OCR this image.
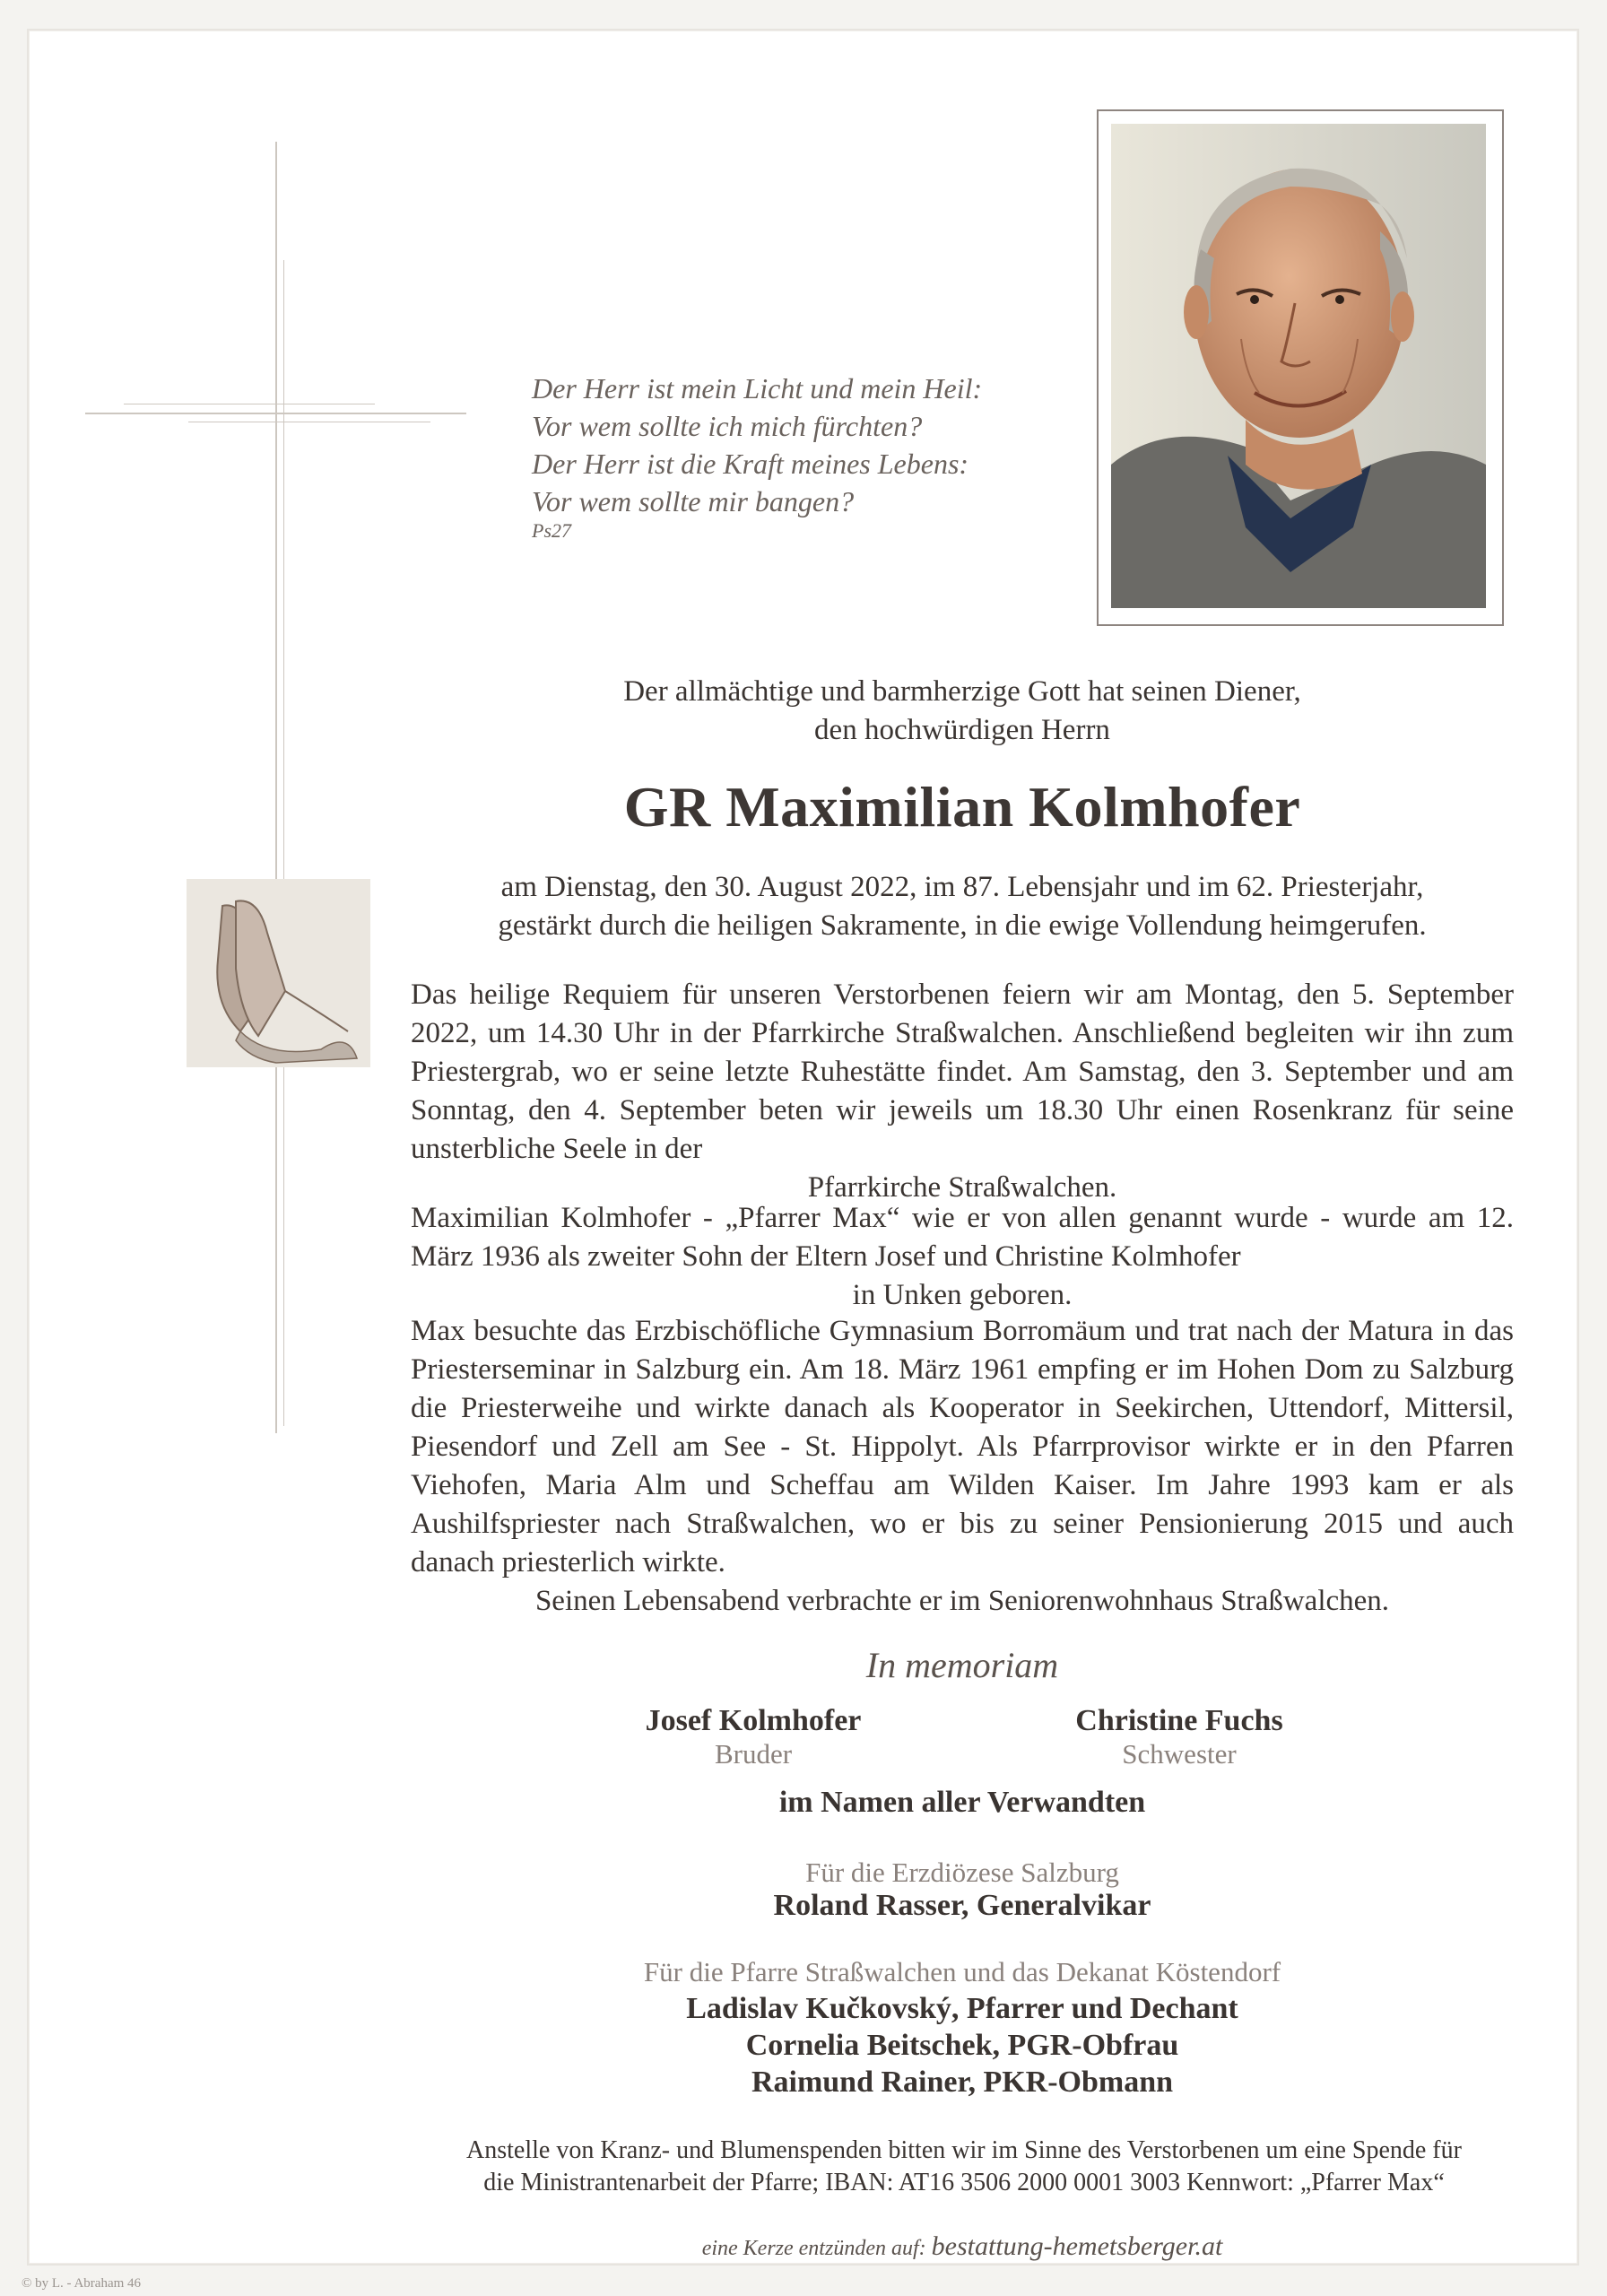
Der Herr ist mein Licht und mein Heil:
Vor wem sollte ich mich fürchten?
Der Herr ist die Kraft meines Lebens:
Vor wem sollte mir bangen?
Ps27
Der allmächtige und barmherzige Gott hat seinen Diener,
den hochwürdigen Herrn
GR Maximilian Kolmhofer
am Dienstag, den 30. August 2022, im 87. Lebensjahr und im 62. Priesterjahr,
gestärkt durch die heiligen Sakramente, in die ewige Vollendung heimgerufen.

Das heilige Requiem für unseren Verstorbenen feiern wir am Montag, den 5. September 2022, um 14.30 Uhr in der Pfarrkirche Straßwalchen. Anschließend begleiten wir ihn zum Priestergrab, wo er seine letzte Ruhestätte findet. Am Samstag, den 3. September und am Sonntag, den 4. September beten wir jeweils um 18.30 Uhr einen Rosenkranz für seine unsterbliche Seele in der

Pfarrkirche Straßwalchen.

Maximilian Kolmhofer - „Pfarrer Max“ wie er von allen genannt wurde - wurde am 12. März 1936 als zweiter Sohn der Eltern Josef und Christine Kolmhofer

in Unken geboren.

Max besuchte das Erzbischöfliche Gymnasium Borromäum und trat nach der Matura in das Priesterseminar in Salzburg ein. Am 18. März 1961 empfing er im Hohen Dom zu Salzburg die Priesterweihe und wirkte danach als Kooperator in Seekirchen, Uttendorf, Mittersil, Piesendorf und Zell am See - St. Hippolyt. Als Pfarrprovisor wirkte er in den Pfarren Viehofen, Maria Alm und Scheffau am Wilden Kaiser. Im Jahre 1993 kam er als Aushilfspriester nach Straßwalchen, wo er bis zu seiner Pensionierung 2015 und auch danach priesterlich wirkte.

Seinen Lebensabend verbrachte er im Seniorenwohnhaus Straßwalchen.

In memoriam
Josef Kolmhofer
Bruder
Christine Fuchs
Schwester
im Namen aller Verwandten
Für die Erzdiözese Salzburg
Roland Rasser, Generalvikar
Für die Pfarre Straßwalchen und das Dekanat Köstendorf
Ladislav Kučkovský, Pfarrer und Dechant
Cornelia Beitschek, PGR-Obfrau
Raimund Rainer, PKR-Obmann
Anstelle von Kranz- und Blumenspenden bitten wir im Sinne des Verstorbenen um eine Spende für
die Ministrantenarbeit der Pfarre; IBAN: AT16 3506 2000 0001 3003 Kennwort: „Pfarrer Max“
eine Kerze entzünden auf: bestattung-hemetsberger.at
© by L. - Abraham 46
